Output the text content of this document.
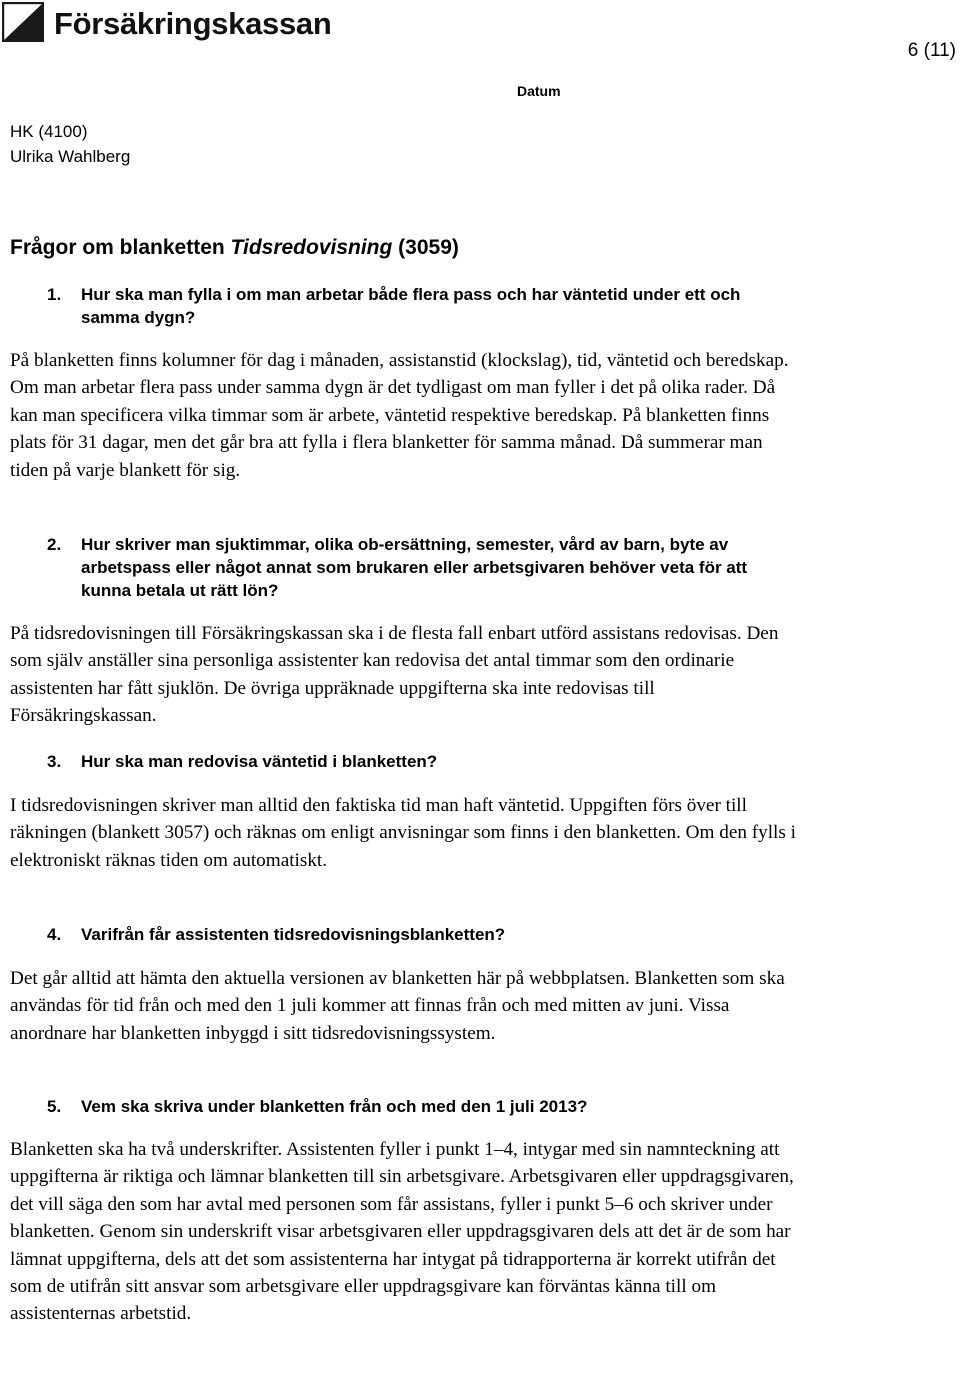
Försäkringskassan
6 (11)
Datum
HK (4100)
Ulrika Wahlberg
Frågor om blanketten Tidsredovisning (3059)
1.	Hur ska man fylla i om man arbetar både flera pass och har väntetid under ett och samma dygn?
På blanketten finns kolumner för dag i månaden, assistanstid (klockslag), tid, väntetid och beredskap. Om man arbetar flera pass under samma dygn är det tydligast om man fyller i det på olika rader. Då kan man specificera vilka timmar som är arbete, väntetid respektive beredskap. På blanketten finns plats för 31 dagar, men det går bra att fylla i flera blanketter för samma månad. Då summerar man tiden på varje blankett för sig.
2.	Hur skriver man sjuktimmar, olika ob-ersättning, semester, vård av barn, byte av arbetspass eller något annat som brukaren eller arbetsgivaren behöver veta för att kunna betala ut rätt lön?
På tidsredovisningen till Försäkringskassan ska i de flesta fall enbart utförd assistans redovisas. Den som själv anställer sina personliga assistenter kan redovisa det antal timmar som den ordinarie assistenten har fått sjuklön. De övriga uppräknade uppgifterna ska inte redovisas till Försäkringskassan.
3.	Hur ska man redovisa väntetid i blanketten?
I tidsredovisningen skriver man alltid den faktiska tid man haft väntetid. Uppgiften förs över till räkningen (blankett 3057) och räknas om enligt anvisningar som finns i den blanketten. Om den fylls i elektroniskt räknas tiden om automatiskt.
4.	Varifrån får assistenten tidsredovisningsblanketten?
Det går alltid att hämta den aktuella versionen av blanketten här på webbplatsen. Blanketten som ska användas för tid från och med den 1 juli kommer att finnas från och med mitten av juni. Vissa anordnare har blanketten inbyggd i sitt tidsredovisningssystem.
5.	Vem ska skriva under blanketten från och med den 1 juli 2013?
Blanketten ska ha två underskrifter. Assistenten fyller i punkt 1–4, intygar med sin namnteckning att uppgifterna är riktiga och lämnar blanketten till sin arbetsgivare. Arbetsgivaren eller uppdragsgivaren, det vill säga den som har avtal med personen som får assistans, fyller i punkt 5–6 och skriver under blanketten. Genom sin underskrift visar arbetsgivaren eller uppdragsgivaren dels att det är de som har lämnat uppgifterna, dels att det som assistenterna har intygat på tidrapporterna är korrekt utifrån det som de utifrån sitt ansvar som arbetsgivare eller uppdragsgivare kan förväntas känna till om assistenternas arbetstid.
